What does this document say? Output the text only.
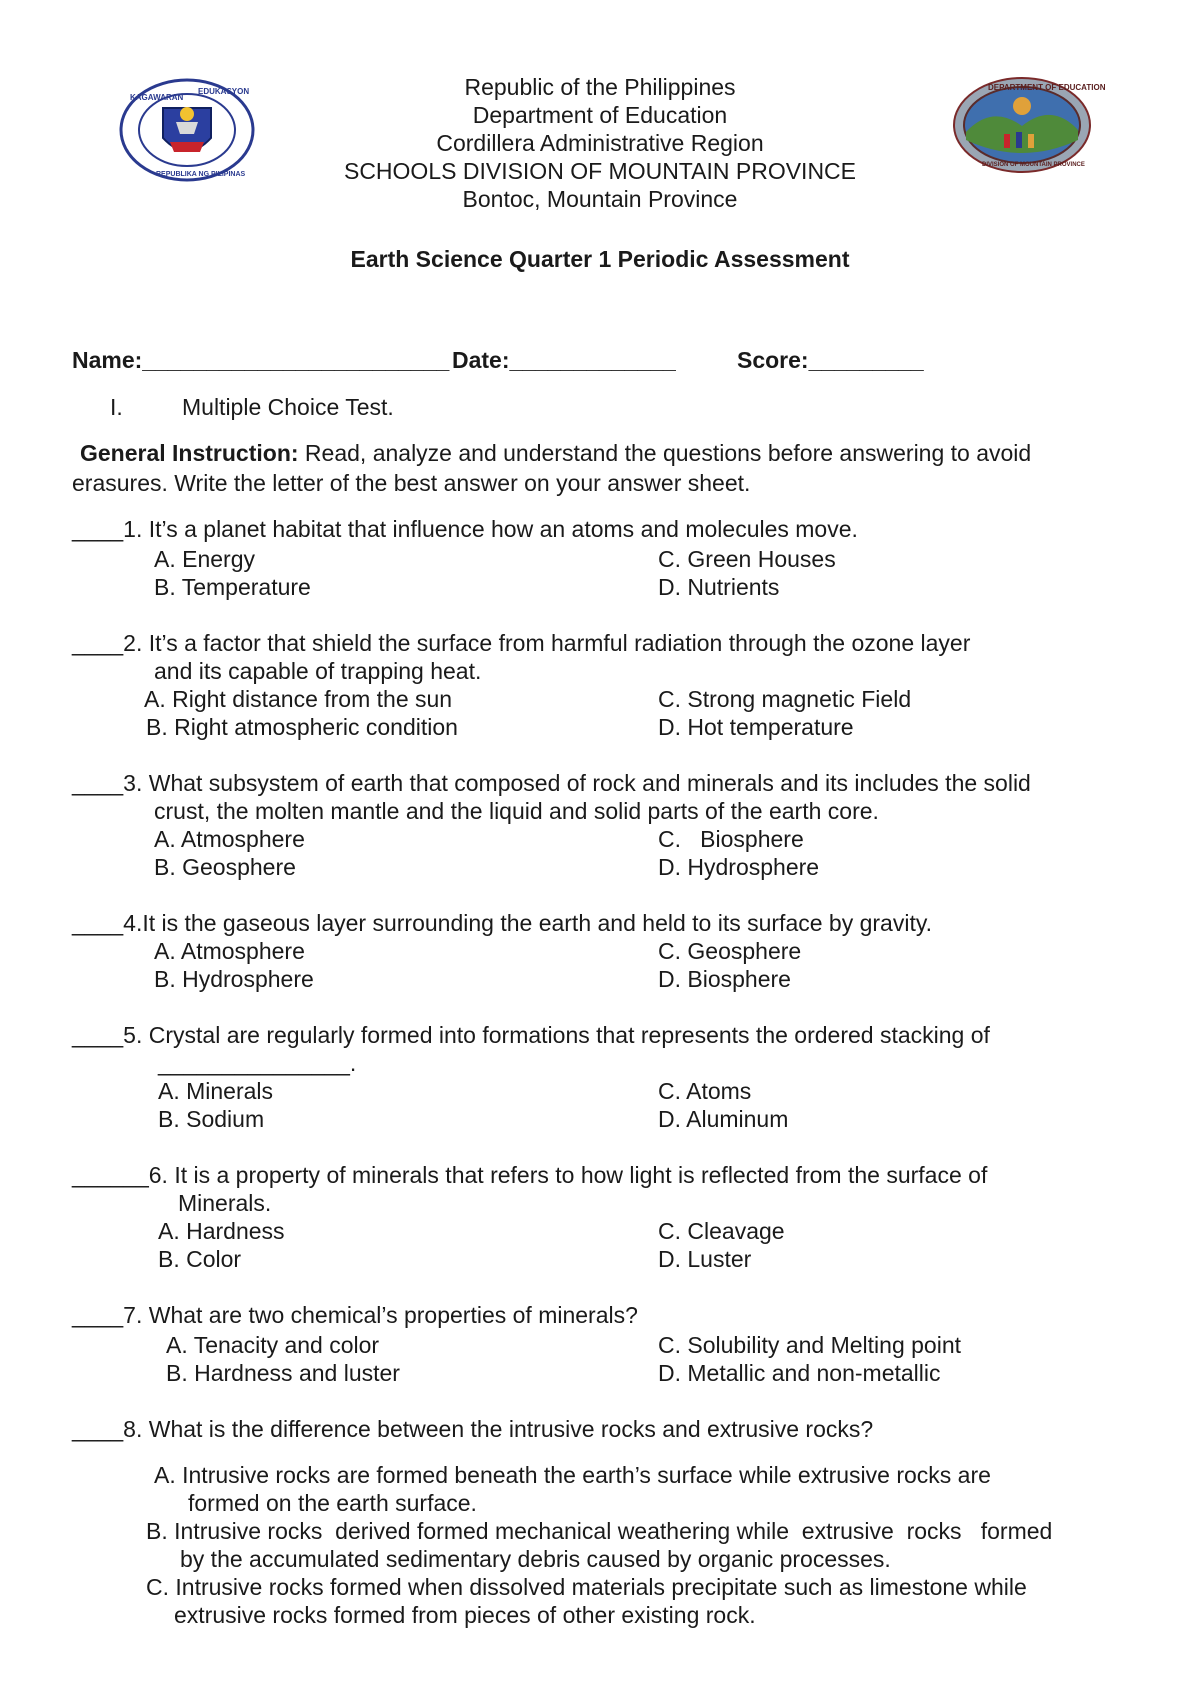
KAGAWARAN
EDUKASYON
REPUBLIKA NG PILIPINAS
DEPARTMENT OF EDUCATION
DIVISION OF MOUNTAIN PROVINCE
Republic of the Philippines
Department of Education
Cordillera Administrative Region
SCHOOLS DIVISION OF MOUNTAIN PROVINCE
Bontoc, Mountain Province
Earth Science Quarter 1 Periodic Assessment
Name:________________________ Date:_____________	Score:_________
I.	Multiple Choice Test.
General Instruction: Read, analyze and understand the questions before answering to avoid
erasures. Write the letter of the best answer on your answer sheet.
____1. It’s a planet habitat that influence how an atoms and molecules move.
A. Energy
B. Temperature
C. Green Houses
D. Nutrients
____2. It’s a factor that shield the surface from harmful radiation through the ozone layer
and its capable of trapping heat.
A. Right distance from the sun
B. Right atmospheric condition
C. Strong magnetic Field
D. Hot temperature
____3. What subsystem of earth that composed of rock and minerals and its includes the solid
crust, the molten mantle and the liquid and solid parts of the earth core.
A. Atmosphere
B. Geosphere
C.   Biosphere
D. Hydrosphere
____4.It is the gaseous layer surrounding the earth and held to its surface by gravity.
A. Atmosphere
B. Hydrosphere
C. Geosphere
D. Biosphere
____5. Crystal are regularly formed into formations that represents the ordered stacking of
_______________.
A. Minerals
B. Sodium
C. Atoms
D. Aluminum
______6. It is a property of minerals that refers to how light is reflected from the surface of
Minerals.
A. Hardness
B. Color
C. Cleavage
D. Luster
____7. What are two chemical’s properties of minerals?
A. Tenacity and color
B. Hardness and luster
C. Solubility and Melting point
D. Metallic and non-metallic
____8. What is the difference between the intrusive rocks and extrusive rocks?
A. Intrusive rocks are formed beneath the earth’s surface while extrusive rocks are
formed on the earth surface.
B. Intrusive rocks  derived formed mechanical weathering while  extrusive  rocks   formed
by the accumulated sedimentary debris caused by organic processes.
C. Intrusive rocks formed when dissolved materials precipitate such as limestone while
extrusive rocks formed from pieces of other existing rock.
